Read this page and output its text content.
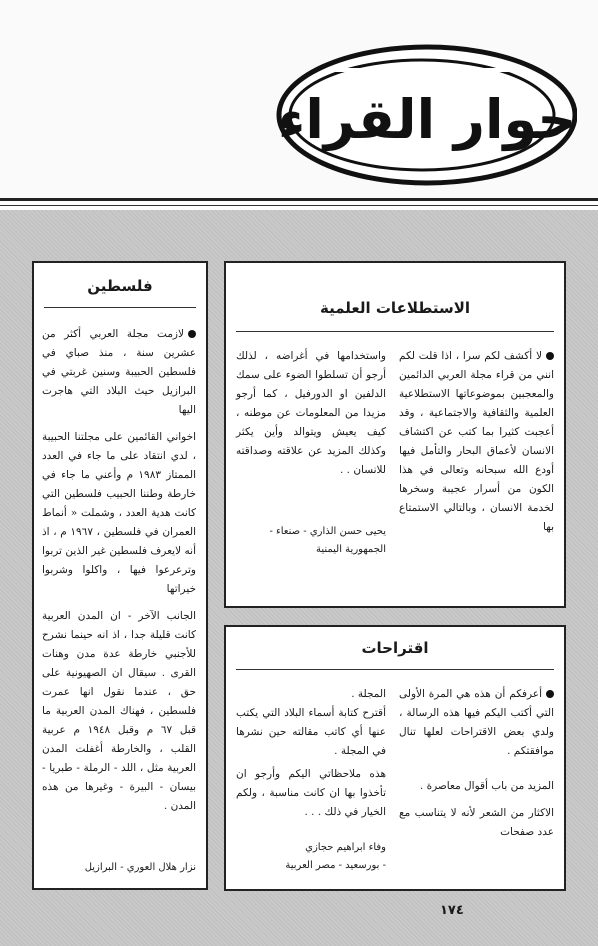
حوار القراء
فلسطين

لازمت مجلة العربي أكثر من عشرين سنة ، منذ صباي في فلسطين الحبيبة وسنين غربتي في البرازيل حيث البلاد التي هاجرت اليها

اخواني القائمين على مجلتنا الحبيبة ، لدي انتقاد على ما جاء في العدد الممتاز ١٩٨٣ م وأعني ما جاء في خارطة وطننا الحبيب فلسطين التي كانت هدية العدد ، وشملت « أنماط العمران في فلسطين ، ١٩٦٧ م ، اذ أنه لايعرف فلسطين غير الذين تربوا وترعرعوا فيها ، واكلوا وشربوا خيراتها

الجانب الآخر - ان المدن العربية كانت قليلة جدا ، اذ انه حينما نشرح للأجنبي خارطة عدة مدن وهنات القرى . سيقال ان الصهيونية على حق ، عندما نقول انها عمرت فلسطين ، فهناك المدن العربية ما قبل ٦٧ م وقبل ١٩٤٨ م عربية القلب ، والخارطة أغفلت المدن العربية مثل ، اللد - الرملة - طبريا - بيسان - البيرة - وغيرها من هذه المدن .

نزار هلال العوري - البرازيل
الاستطلاعات العلمية
لا أكشف لكم سرا ، اذا قلت لكم انني من قراء مجلة العربي الدائمين والمعجبين بموضوعاتها الاستطلاعية العلمية والثقافية والاجتماعية ، وقد أعجبت كثيرا بما كتب عن اكتشاف الانسان لأعماق البحار والتأمل فيها أودع الله سبحانه وتعالى في هذا الكون من أسرار عجيبة وسخرها لخدمة الانسان ، وبالتالي الاستمتاع بها
واستخدامها في أغراضه ، لذلك أرجو أن تسلطوا الضوء على سمك الدلفين او الدورفيل ، كما أرجو مزيدا من المعلومات عن موطنه ، كيف يعيش ويتوالد وأين يكثر وكذلك المزيد عن علاقته وصداقته للانسان . .
يحيى حسن الذاري - صنعاء -
الجمهورية اليمنية
اقتراحات

أعرفكم أن هذه هي المرة الأولى التي أكتب اليكم فيها هذه الرسالة ، ولدي بعض الاقتراحات لعلها تنال موافقتكم .

المزيد من باب أقوال معاصرة .

الاكثار من الشعر لأنه لا يتناسب مع عدد صفحات

المجلة .

أقترح كتابة أسماء البلاد التي يكتب عنها أي كاتب مقالته حين نشرها في المجلة .

هذه ملاحظاتي اليكم وأرجو ان تأخذوا بها ان كانت مناسبة ، ولكم الخيار في ذلك . . .

وفاء ابراهيم حجازي
- بورسعيد - مصر العربية
١٧٤
